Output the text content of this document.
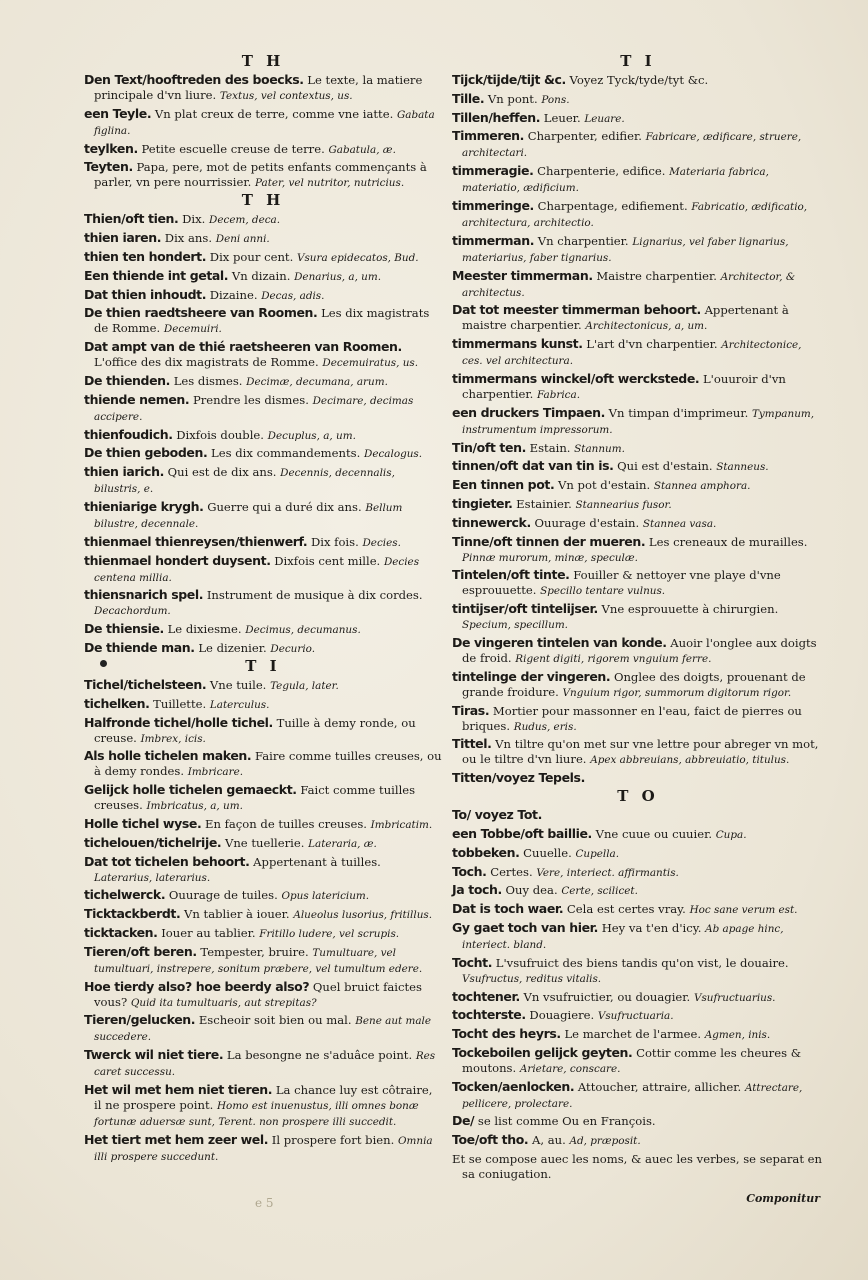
T H

Den Text/hooftreden des boecks. Le texte, la matiere principale d'vn liure. Textus, vel contextus, us.

een Teyle. Vn plat creux de terre, comme vne iatte. Gabata figlina.

teylken. Petite escuelle creuse de terre. Gabatula, æ.

Teyten. Papa, pere, mot de petits enfants commençants à parler, vn pere nourrissier. Pater, vel nutritor, nutricius.

T H

Thien/oft tien. Dix. Decem, deca.

thien iaren. Dix ans. Deni anni.

thien ten hondert. Dix pour cent. Vsura epidecatos, Bud.

Een thiende int getal. Vn dizain. Denarius, a, um.

Dat thien inhoudt. Dizaine. Decas, adis.

De thien raedtsheere van Roomen. Les dix magistrats de Romme. Decemuiri.

Dat ampt van de thié raetsheeren van Roomen. L'office des dix magistrats de Romme. Decemuiratus, us.

De thienden. Les dismes. Decimæ, decumana, arum.

thiende nemen. Prendre les dismes. Decimare, decimas accipere.

thienfoudich. Dixfois double. Decuplus, a, um.

De thien geboden. Les dix commandements. Decalogus.

thien iarich. Qui est de dix ans. Decennis, decennalis, bilustris, e.

thieniarige krygh. Guerre qui a duré dix ans. Bellum bilustre, decennale.

thienmael thienreysen/thienwerf. Dix fois. Decies.

thienmael hondert duysent. Dixfois cent mille. Decies centena millia.

thiensnarich spel. Instrument de musique à dix cordes. Decachordum.

De thiensie. Le dixiesme. Decimus, decumanus.

De thiende man. Le dizenier. Decurio.

T I

Tichel/tichelsteen. Vne tuile. Tegula, later.

tichelken. Tuillette. Laterculus.

Halfronde tichel/holle tichel. Tuille à demy ronde, ou creuse. Imbrex, icis.

Als holle tichelen maken. Faire comme tuilles creuses, ou à demy rondes. Imbricare.

Gelijck holle tichelen gemaeckt. Faict comme tuilles creuses. Imbricatus, a, um.

Holle tichel wyse. En façon de tuilles creuses. Imbricatim.

tichelouen/tichelrije. Vne tuellerie. Lateraria, æ.

Dat tot tichelen behoort. Appertenant à tuilles. Laterarius, laterarius.

tichelwerck. Ouurage de tuiles. Opus latericium.

Ticktackberdt. Vn tablier à iouer. Alueolus lusorius, fritillus.

ticktacken. Iouer au tablier. Fritillo ludere, vel scrupis.

Tieren/oft beren. Tempester, bruire. Tumultuare, vel tumultuari, instrepere, sonitum præbere, vel tumultum edere.

Hoe tierdy also? hoe beerdy also? Quel bruict faictes vous? Quid ita tumultuaris, aut strepitas?

Tieren/gelucken. Escheoir soit bien ou mal. Bene aut male succedere.

Twerck wil niet tiere. La besongne ne s'aduâce point. Res caret successu.

Het wil met hem niet tieren. La chance luy est côtraire, il ne prospere point. Homo est inuenustus, illi omnes bonæ fortunæ aduersæ sunt, Terent. non prospere illi succedit.

Het tiert met hem zeer wel. Il prospere fort bien. Omnia illi prospere succedunt.

T I

Tijck/tijde/tijt &c. Voyez Tyck/tyde/tyt &c.

Tille. Vn pont. Pons.

Tillen/heffen. Leuer. Leuare.

Timmeren. Charpenter, edifier. Fabricare, ædificare, struere, architectari.

timmeragie. Charpenterie, edifice. Materiaria fabrica, materiatio, ædificium.

timmeringe. Charpentage, edifiement. Fabricatio, ædificatio, architectura, architectio.

timmerman. Vn charpentier. Lignarius, vel faber lignarius, materiarius, faber tignarius.

Meester timmerman. Maistre charpentier. Architector, & architectus.

Dat tot meester timmerman behoort. Appertenant à maistre charpentier. Architectonicus, a, um.

timmermans kunst. L'art d'vn charpentier. Architectonice, ces. vel architectura.

timmermans winckel/oft werckstede. L'ouuroir d'vn charpentier. Fabrica.

een druckers Timpaen. Vn timpan d'imprimeur. Tympanum, instrumentum impressorum.

Tin/oft ten. Estain. Stannum.

tinnen/oft dat van tin is. Qui est d'estain. Stanneus.

Een tinnen pot. Vn pot d'estain. Stannea amphora.

tingieter. Estainier. Stannearius fusor.

tinnewerck. Ouurage d'estain. Stannea vasa.

Tinne/oft tinnen der mueren. Les creneaux de murailles. Pinnæ murorum, minæ, speculæ.

Tintelen/oft tinte. Fouiller & nettoyer vne playe d'vne esprouuette. Specillo tentare vulnus.

tintijser/oft tintelijser. Vne esprouuette à chirurgien. Specium, specillum.

De vingeren tintelen van konde. Auoir l'onglee aux doigts de froid. Rigent digiti, rigorem vnguium ferre.

tintelinge der vingeren. Onglee des doigts, prouenant de grande froidure. Vnguium rigor, summorum digitorum rigor.

Tiras. Mortier pour massonner en l'eau, faict de pierres ou briques. Rudus, eris.

Tittel. Vn tiltre qu'on met sur vne lettre pour abreger vn mot, ou le tiltre d'vn liure. Apex abbreuians, abbreuiatio, titulus.

Titten/voyez Tepels.

T O

To/ voyez Tot.

een Tobbe/oft baillie. Vne cuue ou cuuier. Cupa.

tobbeken. Cuuelle. Cupella.

Toch. Certes. Vere, interiect. affirmantis.

Ja toch. Ouy dea. Certe, scilicet.

Dat is toch waer. Cela est certes vray. Hoc sane verum est.

Gy gaet toch van hier. Hey va t'en d'icy. Ab apage hinc, interiect. bland.

Tocht. L'vsufruict des biens tandis qu'on vist, le douaire. Vsufructus, reditus vitalis.

tochtener. Vn vsufruictier, ou douagier. Vsufructuarius.

tochterste. Douagiere. Vsufructuaria.

Tocht des heyrs. Le marchet de l'armee. Agmen, inis.

Tockeboilen gelijck geyten. Cottir comme les cheures & moutons. Arietare, conscare.

Tocken/aenlocken. Attoucher, attraire, allicher. Attrectare, pellicere, prolectare.

De/ se list comme Ou en François.

Toe/oft tho. A, au. Ad, præposit.

Et se compose auec les noms, & auec les verbes, se separat en sa coniugation.

e 5	Componitur
